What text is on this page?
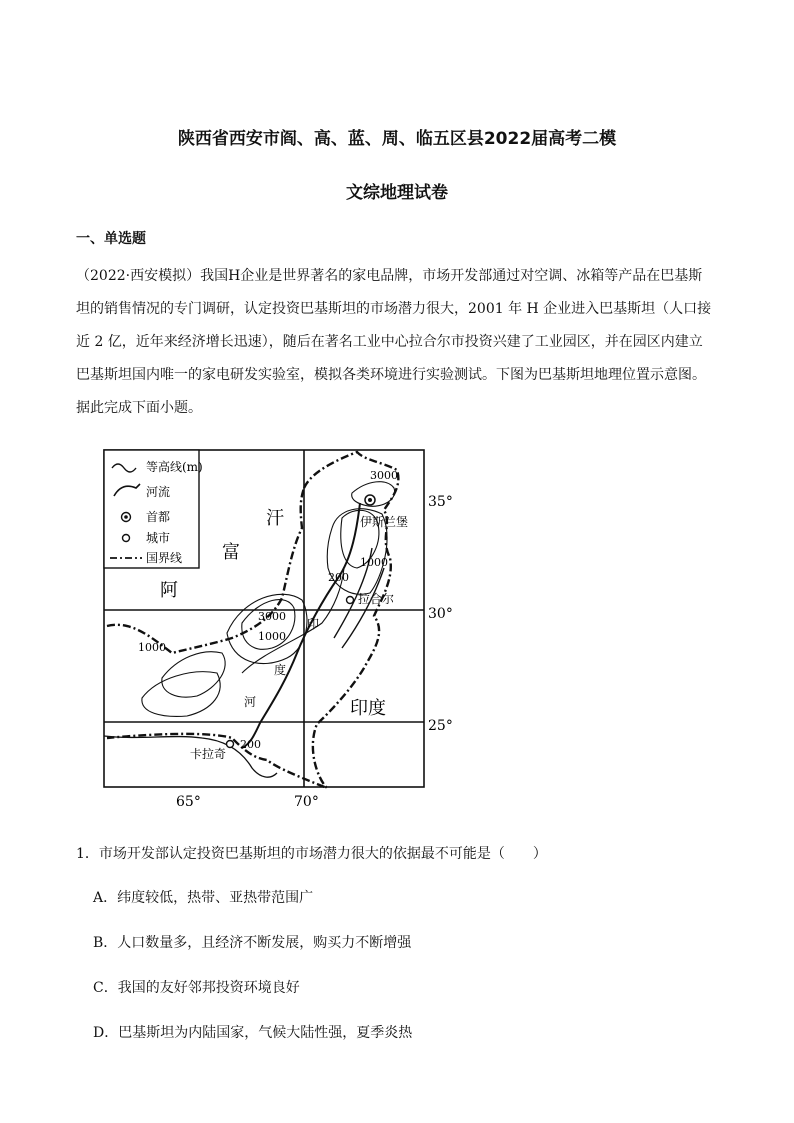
陕西省西安市阎、高、蓝、周、临五区县2022届高考二模
文综地理试卷
一、单选题
（2022·西安模拟）我国H企业是世界著名的家电品牌，市场开发部通过对空调、冰箱等产品在巴基斯
坦的销售情况的专门调研，认定投资巴基斯坦的市场潜力很大，2001 年 H 企业进入巴基斯坦（人口接
近 2 亿，近年来经济增长迅速），随后在著名工业中心拉合尔市投资兴建了工业园区，并在园区内建立
巴基斯坦国内唯一的家电研发实验室，模拟各类环境进行实验测试。下图为巴基斯坦地理位置示意图。
据此完成下面小题。
等高线(m)
河流
首都
城市
国界线
汗
富
阿
印度
印
度
河
伊斯兰堡
拉合尔
卡拉奇
3000
3000
1000
1000
1000
200
200
35°
30°
25°
65°	70°
1．市场开发部认定投资巴基斯坦的市场潜力很大的依据最不可能是（　　）
A．纬度较低，热带、亚热带范围广
B．人口数量多，且经济不断发展，购买力不断增强
C．我国的友好邻邦投资环境良好
D．巴基斯坦为内陆国家，气候大陆性强，夏季炎热
